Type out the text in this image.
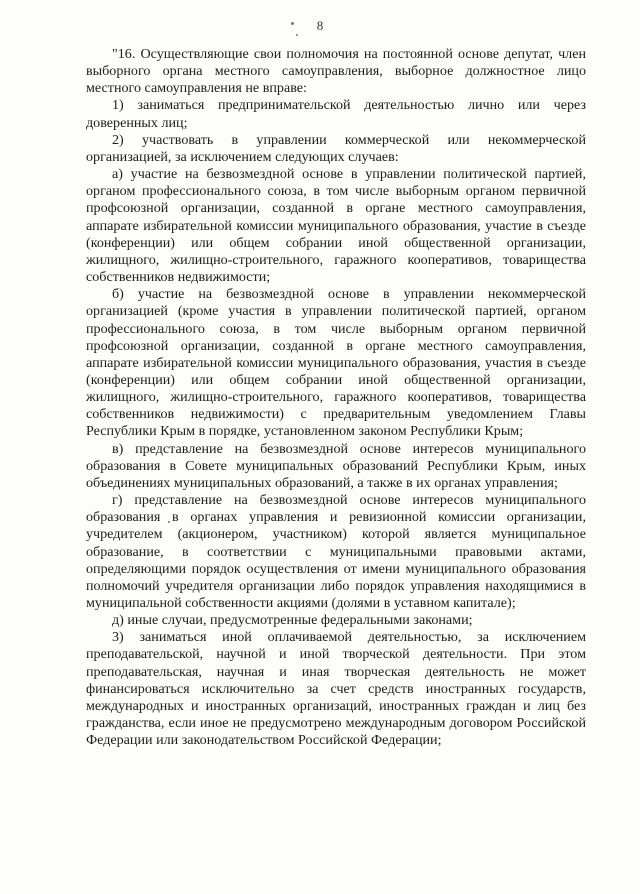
8

"16. Осуществляющие свои полномочия на постоянной основе депутат, член выборного органа местного самоуправления, выборное должностное лицо местного самоуправления не вправе:

1) заниматься предпринимательской деятельностью лично или через доверенных лиц;

2) участвовать в управлении коммерческой или некоммерческой организацией, за исключением следующих случаев:

а) участие на безвозмездной основе в управлении политической партией, органом профессионального союза, в том числе выборным органом первичной профсоюзной организации, созданной в органе местного самоуправления, аппарате избирательной комиссии муниципального образования, участие в съезде (конференции) или общем собрании иной общественной организации, жилищного, жилищно-строительного, гаражного кооперативов, товарищества собственников недвижимости;

б) участие на безвозмездной основе в управлении некоммерческой организацией (кроме участия в управлении политической партией, органом профессионального союза, в том числе выборным органом первичной профсоюзной организации, созданной в органе местного самоуправления, аппарате избирательной комиссии муниципального образования, участия в съезде (конференции) или общем собрании иной общественной организации, жилищного, жилищно-строительного, гаражного кооперативов, товарищества собственников недвижимости) с предварительным уведомлением Главы Республики Крым в порядке, установленном законом Республики Крым;

в) представление на безвозмездной основе интересов муниципального образования в Совете муниципальных образований Республики Крым, иных объединениях муниципальных образований, а также в их органах управления;

г) представление на безвозмездной основе интересов муниципального образования в органах управления и ревизионной комиссии организации, учредителем (акционером, участником) которой является муниципальное образование, в соответствии с муниципальными правовыми актами, определяющими порядок осуществления от имени муниципального образования полномочий учредителя организации либо порядок управления находящимися в муниципальной собственности акциями (долями в уставном капитале);

д) иные случаи, предусмотренные федеральными законами;

3) заниматься иной оплачиваемой деятельностью, за исключением преподавательской, научной и иной творческой деятельности. При этом преподавательская, научная и иная творческая деятельность не может финансироваться исключительно за счет средств иностранных государств, международных и иностранных организаций, иностранных граждан и лиц без гражданства, если иное не предусмотрено международным договором Российской Федерации или законодательством Российской Федерации;
